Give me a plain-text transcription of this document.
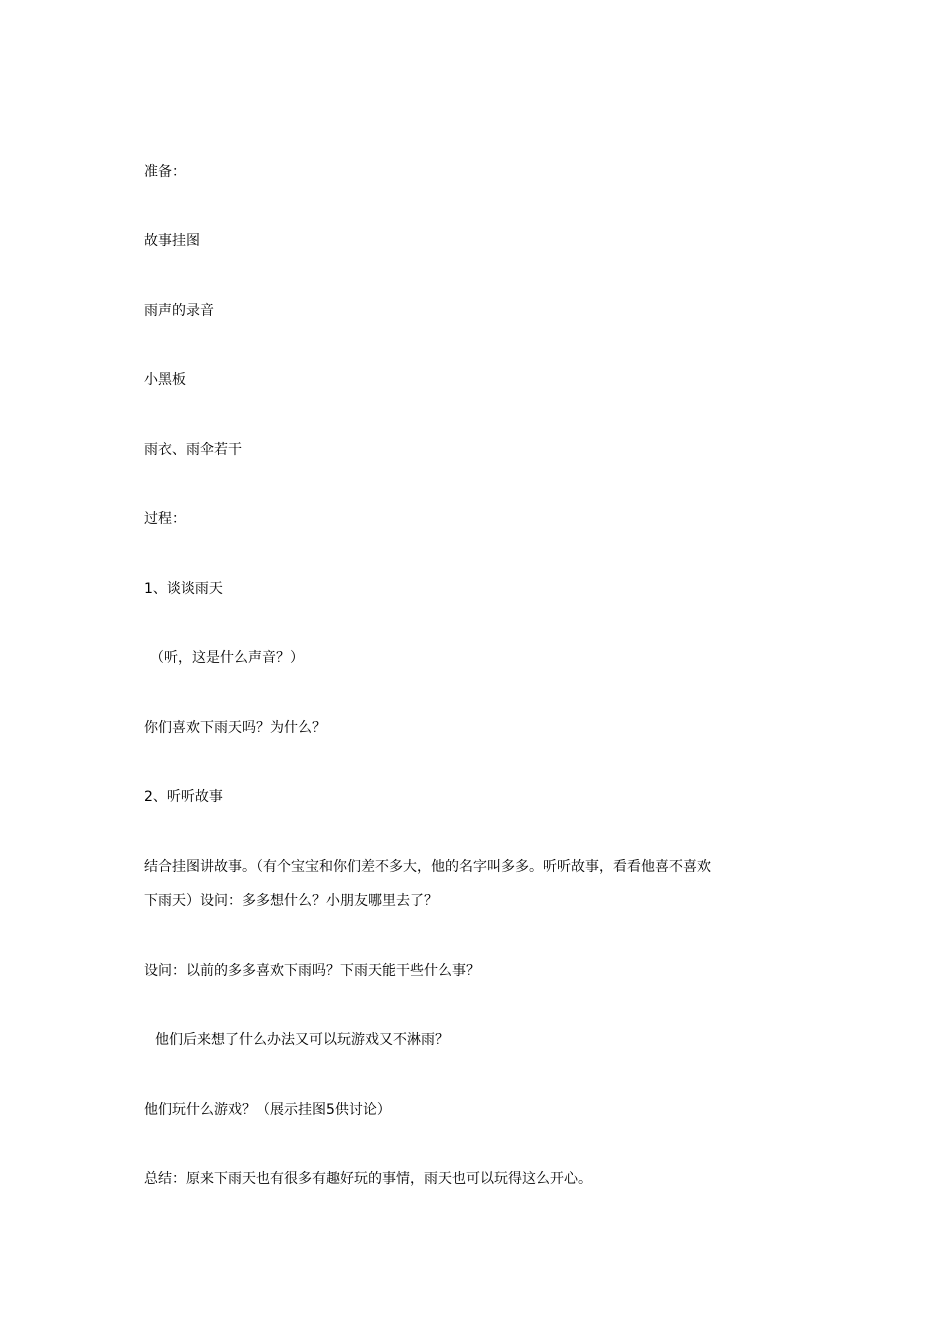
准备：
故事挂图
雨声的录音
小黑板
雨衣、雨伞若干
过程：
1、谈谈雨天
（听，这是什么声音？）
你们喜欢下雨天吗？为什么？
2、听听故事
结合挂图讲故事。（有个宝宝和你们差不多大，他的名字叫多多。听听故事，看看他喜不喜欢
下雨天）设问：多多想什么？小朋友哪里去了？
设问：以前的多多喜欢下雨吗？下雨天能干些什么事？
他们后来想了什么办法又可以玩游戏又不淋雨？
他们玩什么游戏？（展示挂图5供讨论）
总结：原来下雨天也有很多有趣好玩的事情，雨天也可以玩得这么开心。
